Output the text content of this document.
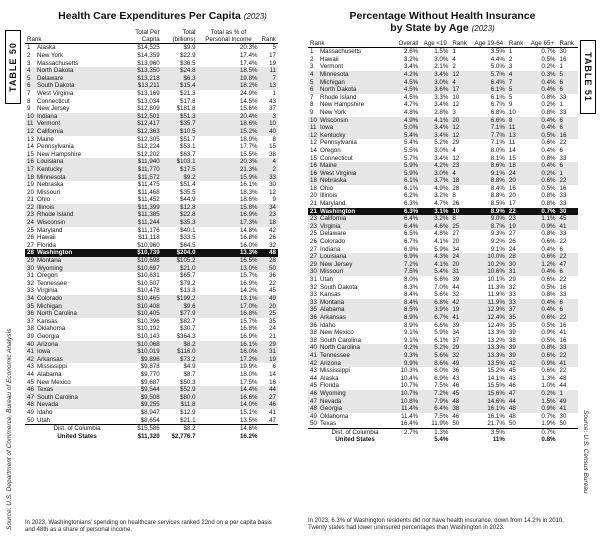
TABLE 50
Source: U.S. Department of Commerce, Bureau of Economic Analysis
Health Care Expenditures Per Capita (2023)
Rank	Total Per Capita	Total (billions)	Total as % of Personal Income	Rank
1 Alaska	$14,525	$9.9	20.3%	5
2 New York	$14,359	$22.9	17.4%	17
3 Massachusetts	$13,960	$36.5	17.4%	19
4 North Dakota	$13,350	$24.8	18.5%	11
5 Delaware	$13,218	$6.3	19.8%	7
6 South Dakota	$13,211	$15.4	18.2%	13
7 West Virginia	$13,169	$21.3	24.9%	1
8 Connecticut	$13,034	$17.8	14.5%	43
9 New Jersey	$12,809	$181.8	15.6%	37
10 Indiana	$12,501	$51.3	20.4%	3
11 Vermont	$12,417	$35.7	18.6%	10
12 California	$12,363	$10.5	15.2%	40
13 Maine	$12,305	$51.7	18.9%	8
14 Pennsylvania	$12,224	$53.1	17.7%	15
15 New Hampshire	$12,202	$63.7	15.5%	38
16 Louisiana	$11,940	$103.1	20.3%	4
17 Kentucky	$11,770	$17.5	21.3%	2
18 Minnesota	$11,572	$9.2	15.9%	33
19 Nebraska	$11,475	$51.4	16.1%	30
20 Missouri	$11,468	$35.5	18.3%	12
21 Ohio	$11,452	$44.9	18.6%	9
22 Illinois	$11,399	$12.8	15.8%	34
23 Rhode Island	$11,385	$22.8	16.9%	23
24 Wisconsin	$11,244	$35.3	17.3%	18
25 Maryland	$11,176	$40.1	14.8%	42
26 Hawaii	$11,118	$33.5	16.8%	26
27 Florida	$10,960	$64.5	16.0%	32
28 Washington	$10,739	$204.0	13.3%	48
29 Montana	$10,698	$105.2	16.5%	28
30 Wyoming	$10,697	$21.0	13.0%	50
31 Oregon	$10,631	$65.7	15.7%	36
32 Tennessee	$10,507	$79.2	16.9%	22
33 Virginia	$10,478	$13.3	14.2%	45
34 Colorado	$10,465	$199.2	13.1%	49
35 Michigan	$10,408	$9.6	17.0%	20
36 North Carolina	$10,405	$77.9	16.8%	25
37 Kansas	$10,396	$82.7	15.7%	35
38 Oklahoma	$10,192	$30.7	16.8%	24
39 Georgia	$10,143	$364.3	16.9%	21
40 Arizona	$10,068	$8.2	16.1%	29
41 Iowa	$10,019	$116.0	16.0%	31
42 Arkansas	$9,896	$73.2	17.2%	19
43 Mississippi	$9,878	$4.9	19.9%	6
44 Alabama	$9,770	$8.7	18.0%	14
45 New Mexico	$9,687	$50.3	17.5%	16
46 Texas	$9,544	$52.9	14.4%	44
47 South Carolina	$9,508	$80.0	16.6%	27
48 Nevada	$9,255	$11.8	14.0%	46
49 Idaho	$8,947	$12.9	15.1%	41
50 Utah	$8,654	$21.1	13.5%	47
Dist. of Columbia	$15,586	$8.2	14.6%	
United States	$11,320	$2,776.7	16.2%	
In 2023, Washingtonians' spending on healthcare services ranked 22nd on a per capita basis and 48th as a share of personal income.
TABLE 51
Source: U.S. Census Bureau
Percentage Without Health Insurance
by State by Age (2023)
Rank	Overall	Age <19	Rank	Age 19-64	Rank	Age 65+	Rank
1 Massachusetts	2.6%	1.5%	1	3.5%	1	0.7%	30
2 Hawaii	3.2%	3.0%	4	4.4%	2	0.5%	16
3 Vermont	3.4%	2.1%	2	5.0%	3	0.2%	1
4 Minnesota	4.2%	3.4%	12	5.7%	4	0.3%	5
5 Michigan	4.5%	3.0%	4	6.4%	7	0.4%	6
6 North Dakota	4.5%	3.6%	17	6.1%	5	0.4%	6
7 Rhode Island	4.5%	3.3%	10	6.1%	5	0.8%	33
8 New Hampshire	4.7%	3.4%	12	6.7%	9	0.2%	1
9 New York	4.8%	2.8%	3	6.8%	10	0.8%	33
10 Wisconsin	4.9%	4.1%	20	6.6%	8	0.4%	6
11 Iowa	5.0%	3.4%	12	7.1%	11	0.4%	6
12 Kentucky	5.4%	3.4%	12	7.7%	13	0.5%	16
12 Pennsylvania	5.4%	5.2%	29	7.1%	11	0.6%	22
14 Oregon	5.5%	3.0%	4	8.0%	14	0.4%	6
15 Connecticut	5.7%	3.4%	12	8.1%	15	0.8%	33
16 Maine	5.9%	4.2%	23	8.6%	18	0.4%	6
16 West Virginia	5.9%	3.0%	4	9.1%	24	0.2%	1
18 Nebraska	6.1%	3.7%	18	8.8%	20	0.6%	22
18 Ohio	6.1%	4.9%	28	8.4%	16	0.5%	16
20 Illinois	6.2%	3.2%	8	8.8%	20	0.8%	33
21 Maryland	6.3%	4.7%	26	8.5%	17	0.8%	33
21 Washington	6.3%	3.1%	10	8.9%	22	0.7%	30
23 California	6.4%	3.2%	8	9.0%	23	1.1%	45
23 Virginia	6.4%	4.6%	25	8.7%	19	0.9%	41
25 Delaware	6.5%	4.8%	27	9.3%	27	0.8%	33
26 Colorado	6.7%	4.1%	20	9.2%	26	0.6%	22
27 Indiana	6.9%	5.9%	34	9.1%	24	0.4%	6
27 Louisiana	6.9%	4.3%	24	10.0%	28	0.6%	22
29 New Jersey	7.2%	4.1%	20	10.2%	30	1.2%	47
30 Missouri	7.5%	5.4%	31	10.6%	31	0.4%	6
31 Utah	8.0%	6.6%	39	10.1%	29	0.6%	22
32 South Dakota	8.3%	7.0%	44	11.3%	32	0.5%	16
33 Kansas	8.4%	5.6%	32	11.9%	33	0.8%	33
33 Montana	8.4%	6.8%	42	11.9%	33	0.4%	6
35 Alabama	8.5%	3.9%	19	12.9%	37	0.4%	6
36 Arkansas	8.9%	6.7%	41	12.4%	35	0.6%	22
36 Idaho	8.9%	6.6%	39	12.4%	35	0.5%	16
38 New Mexico	9.1%	5.9%	34	13.3%	39	0.9%	41
38 South Carolina	9.1%	6.1%	37	13.2%	38	0.5%	16
40 North Carolina	9.2%	5.2%	29	13.3%	39	0.8%	33
41 Tennessee	9.3%	5.6%	32	13.3%	39	0.6%	22
42 Arizona	9.9%	8.6%	49	13.5%	42	0.9%	41
43 Mississippi	10.3%	6.0%	36	15.2%	45	0.6%	22
44 Alaska	10.4%	6.9%	43	14.1%	43	1.3%	48
45 Florida	10.7%	7.5%	46	15.5%	46	1.0%	44
46 Wyoming	10.7%	7.2%	45	15.6%	47	0.2%	1
47 Nevada	10.8%	7.9%	48	14.6%	44	1.5%	49
48 Georgia	11.4%	6.4%	38	16.1%	48	0.9%	41
49 Oklahoma	11.4%	7.5%	46	16.1%	48	0.7%	30
50 Texas	16.4%	11.9%	50	21.7%	50	1.9%	50
Dist. of Columbia	2.7%	1.3%		3.5%		0.7%	
United States		5.4%		11%		0.8%	
In 2023, 6.3% of Washington residents did not have health insurance, down from 14.2% in 2010. Twenty states had lower uninsured percentages than Washington in 2023.
